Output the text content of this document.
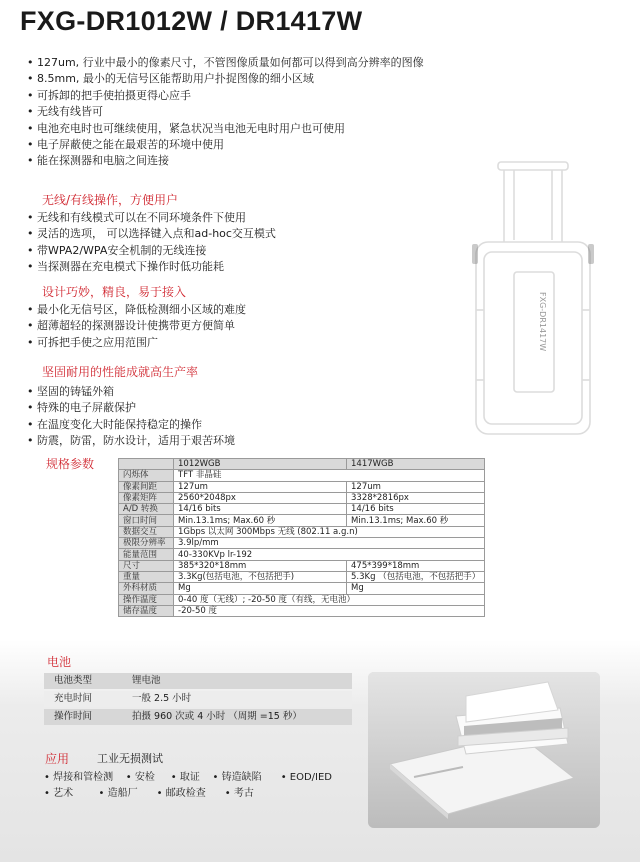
FXG-DR1012W / DR1417W
• 127um, 行业中最小的像素尺寸，不管图像质量如何都可以得到高分辨率的图像
• 8.5mm, 最小的无信号区能帮助用户扑捉图像的细小区域
• 可拆卸的把手使拍摄更得心应手
• 无线有线皆可
• 电池充电时也可继续使用，紧急状况当电池无电时用户也可使用
• 电子屏蔽使之能在最艰苦的环境中使用
• 能在探测器和电脑之间连接
无线/有线操作，方便用户
• 无线和有线模式可以在不同环境条件下使用
• 灵活的选项， 可以选择键入点和ad-hoc交互模式
• 带WPA2/WPA安全机制的无线连接
• 当探测器在充电模式下操作时低功能耗
设计巧妙，精良，易于接入
• 最小化无信号区，降低检测细小区域的难度
• 超薄超轻的探测器设计使携带更方便简单
• 可拆把手使之应用范围广
坚固耐用的性能成就高生产率
• 坚固的铸锰外箱
• 特殊的电子屏蔽保护
• 在温度变化大时能保持稳定的操作
• 防震，防雷，防水设计，适用于艰苦环境
FXG-DR1417W
规格参数
		1012WGB	1417WGB
闪烁体	TFT 非晶硅	
像素间距	127um	127um
像素矩阵	2560*2048px	3328*2816px
A/D 转换	14/16 bits	14/16 bits
窗口时间	Min.13.1ms; Max.60 秒	Min.13.1ms; Max.60 秒
数据交互	1Gbps 以太网 300Mbps 无线 (802.11 a.g.n)	
极限分辨率	3.9lp/mm	
能量范围	40-330KVp lr-192	
尺寸	385*320*18mm	475*399*18mm
重量	3.3Kg(包括电池，不包括把手)	5.3Kg （包括电池，不包括把手）
外科材质	Mg	Mg
操作温度	0-40 度（无线）; -20-50 度（有线，无电池）	
储存温度	-20-50 度	
电池
电池类型	锂电池
充电时间	一般 2.5 小时
操作时间	拍摄 960 次或 4 小时 （周期 =15 秒）
应用	工业无损测试
• 焊接和管检测    • 安检     • 取证    • 铸造缺陷      • EOD/IED
• 艺术        • 造船厂      • 邮政检查      • 考古
